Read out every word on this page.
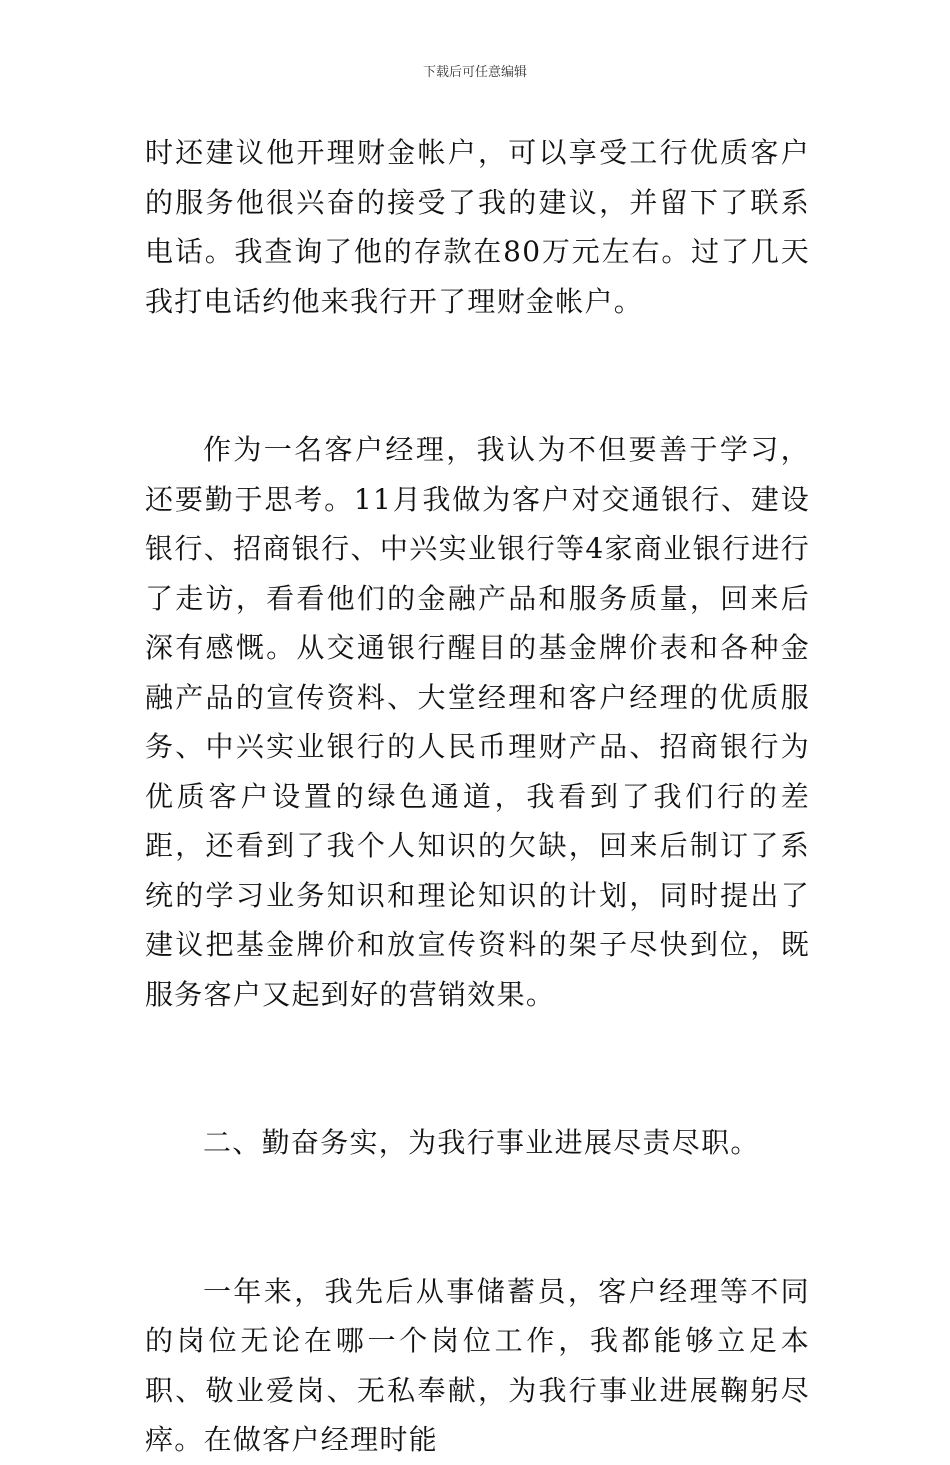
下载后可任意编辑

时还建议他开理财金帐户，可以享受工行优质客户的服务他很兴奋的接受了我的建议，并留下了联系电话。我查询了他的存款在80万元左右。过了几天我打电话约他来我行开了理财金帐户。

作为一名客户经理，我认为不但要善于学习，还要勤于思考。11月我做为客户对交通银行、建设银行、招商银行、中兴实业银行等4家商业银行进行了走访，看看他们的金融产品和服务质量，回来后深有感慨。从交通银行醒目的基金牌价表和各种金融产品的宣传资料、大堂经理和客户经理的优质服务、中兴实业银行的人民币理财产品、招商银行为优质客户设置的绿色通道，我看到了我们行的差距，还看到了我个人知识的欠缺，回来后制订了系统的学习业务知识和理论知识的计划，同时提出了建议把基金牌价和放宣传资料的架子尽快到位，既服务客户又起到好的营销效果。

二、勤奋务实，为我行事业进展尽责尽职。

一年来，我先后从事储蓄员，客户经理等不同的岗位无论在哪一个岗位工作，我都能够立足本职、敬业爱岗、无私奉献，为我行事业进展鞠躬尽瘁。在做客户经理时能
